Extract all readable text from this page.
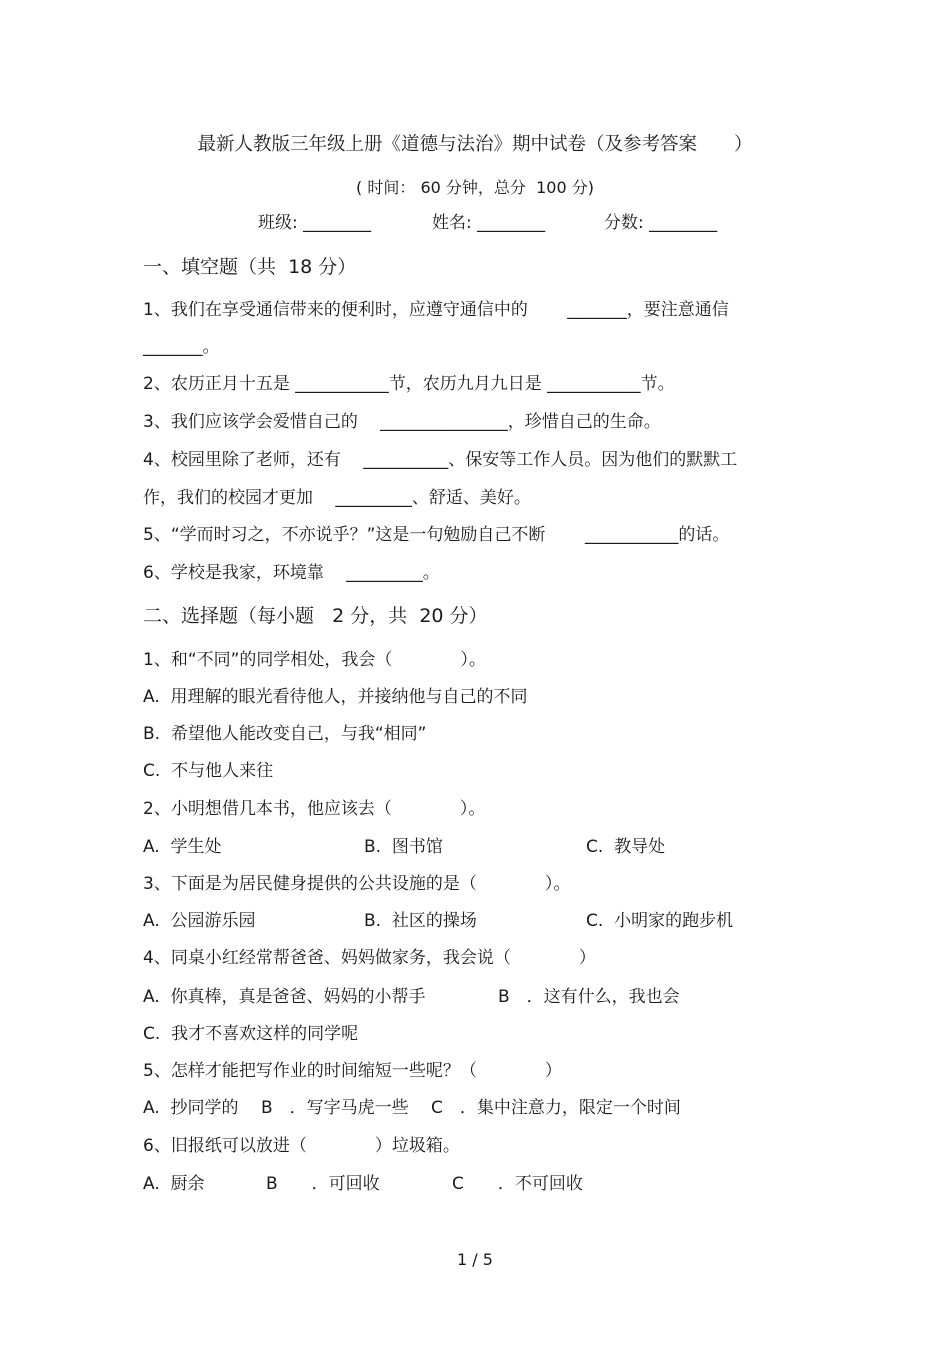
最新人教版三年级上册《道德与法治》期中试卷（及参考答案　　）
( 时间： 60 分钟，总分  100 分)
班级: ________	姓名: ________	分数: ________
一、填空题（共  18 分）
1、我们在享受通信带来的便利时，应遵守通信中的　　 _______，要注意通信
_______。
2、农历正月十五是 ___________节，农历九月九日是 ___________节。
3、我们应该学会爱惜自己的　 _______________，珍惜自己的生命。
4、校园里除了老师，还有　 __________、保安等工作人员。因为他们的默默工
作，我们的校园才更加　 _________、舒适、美好。
5、“学而时习之，不亦说乎？”这是一句勉励自己不断　　 ___________的话。
6、学校是我家，环境靠　 _________。
二、选择题（每小题   2 分，共  20 分）
1、和“不同”的同学相处，我会（　　　　）。
A.  用理解的眼光看待他人，并接纳他与自己的不同
B.  希望他人能改变自己，与我“相同”
C.  不与他人来往
2、小明想借几本书，他应该去（　　　　）。
A.  学生处	B.  图书馆	C.  教导处
3、下面是为居民健身提供的公共设施的是（　　　　）。
A.  公园游乐园	B.  社区的操场	C.  小明家的跑步机
4、同桌小红经常帮爸爸、妈妈做家务，我会说（　　　　）
A.  你真棒，真是爸爸、妈妈的小帮手	B　．这有什么，我也会
C.  我才不喜欢这样的同学呢
5、怎样才能把写作业的时间缩短一些呢？（　　　　）
A.  抄同学的　 B　．写字马虎一些　 C　．集中注意力，限定一个时间
6、旧报纸可以放进（　　　　）垃圾箱。
A.  厨余	B　　．可回收	C　　．不可回收
1 / 5
